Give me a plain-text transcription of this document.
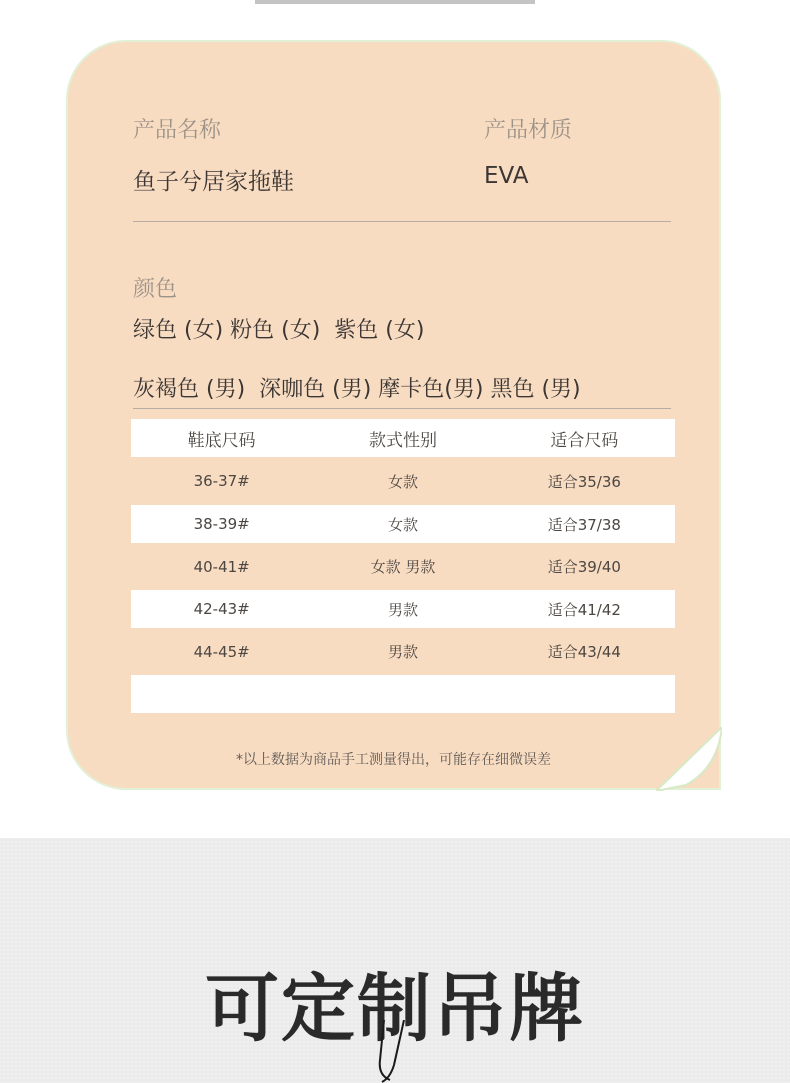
产品名称
鱼子兮居家拖鞋
产品材质
EVA
颜色
绿色 (女) 粉色 (女)  紫色 (女)
灰褐色 (男)  深咖色 (男) 摩卡色(男) 黑色 (男)
鞋底尺码	款式性别	适合尺码
36-37#	女款	适合35/36
38-39#	女款	适合37/38
40-41#	女款 男款	适合39/40
42-43#	男款	适合41/42
44-45#	男款	适合43/44

*以上数据为商品手工测量得出，可能存在细微误差
可定制吊牌
